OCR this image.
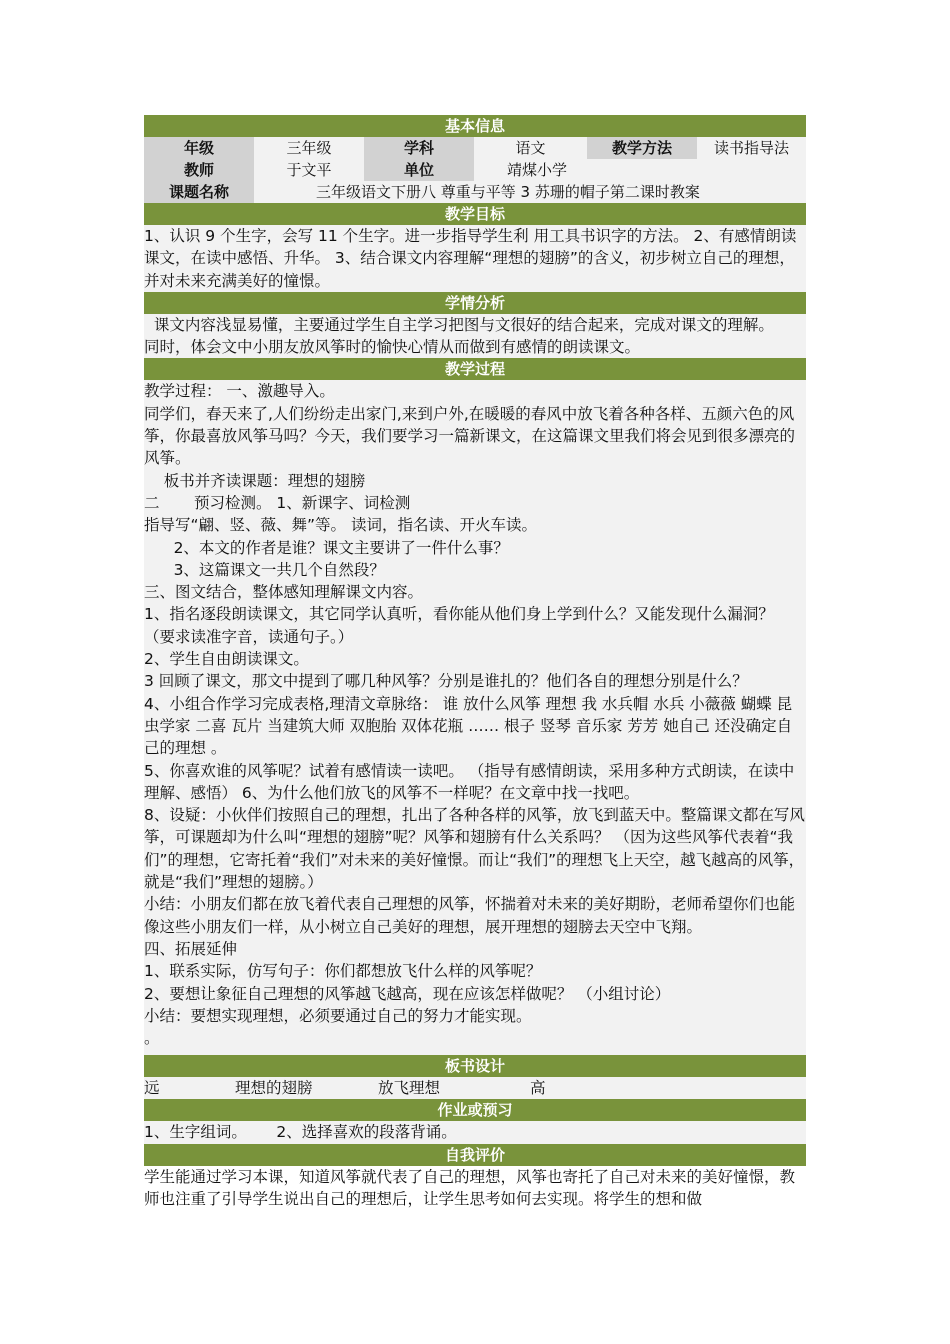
基本信息
年级	三年级	学科	语文	教学方法	读书指导法
教师	于文平	单位	靖煤小学
课题名称	三年级语文下册八 尊重与平等 3 苏珊的帽子第二课时教案
教学目标

1、认识 9 个生字，会写 11 个生字。进一步指导学生利 用工具书识字的方法。 2、有感情朗读课文，在读中感悟、升华。 3、结合课文内容理解“理想的翅膀”的含义，初步树立自己的理想，并对未来充满美好的憧憬。

学情分析

课文内容浅显易懂，主要通过学生自主学习把图与文很好的结合起来，完成对课文的理解。

同时，体会文中小朋友放风筝时的愉快心情从而做到有感情的朗读课文。

教学过程

教学过程： 一、激趣导入。

同学们，春天来了,人们纷纷走出家门,来到户外,在暖暖的春风中放飞着各种各样、五颜六色的风筝，你最喜放风筝马吗？今天，我们要学习一篇新课文，在这篇课文里我们将会见到很多漂亮的风筝。

板书并齐读课题：理想的翅膀

二       预习检测。 1、新课字、词检测

指导写“翩、竖、薇、舞”等。 读词，指名读、开火车读。

2、本文的作者是谁？课文主要讲了一件什么事？

3、这篇课文一共几个自然段？

三、图文结合，整体感知理解课文内容。

1、指名逐段朗读课文，其它同学认真听，看你能从他们身上学到什么？又能发现什么漏洞？ （要求读准字音，读通句子。）

2、学生自由朗读课文。

3 回顾了课文，那文中提到了哪几种风筝？分别是谁扎的？他们各自的理想分别是什么？

4、小组合作学习完成表格,理清文章脉络： 谁 放什么风筝 理想 我 水兵帽 水兵 小薇薇 蝴蝶 昆虫学家 二喜 瓦片 当建筑大师 双胞胎 双体花瓶 …… 根子 竖琴 音乐家 芳芳 她自己 还没确定自己的理想 。

5、你喜欢谁的风筝呢？试着有感情读一读吧。 （指导有感情朗读，采用多种方式朗读，在读中理解、感悟） 6、为什么他们放飞的风筝不一样呢？在文章中找一找吧。

8、设疑：小伙伴们按照自己的理想，扎出了各种各样的风筝，放飞到蓝天中。整篇课文都在写风筝，可课题却为什么叫“理想的翅膀”呢？风筝和翅膀有什么关系吗？ （因为这些风筝代表着“我们”的理想，它寄托着“我们”对未来的美好憧憬。而让“我们”的理想飞上天空，越飞越高的风筝，就是“我们”理想的翅膀。）

小结：小朋友们都在放飞着代表自己理想的风筝，怀揣着对未来的美好期盼，老师希望你们也能像这些小朋友们一样，从小树立自己美好的理想，展开理想的翅膀去天空中飞翔。

四、拓展延伸

1、联系实际，仿写句子：你们都想放飞什么样的风筝呢？

2、要想让象征自己理想的风筝越飞越高，现在应该怎样做呢？ （小组讨论）

小结：要想实现理想，必须要通过自己的努力才能实现。

。

板书设计
远	理想的翅膀	放飞理想	高
作业或预习

1、生字组词。      2、选择喜欢的段落背诵。

自我评价

学生能通过学习本课，知道风筝就代表了自己的理想，风筝也寄托了自己对未来的美好憧憬，教师也注重了引导学生说出自己的理想后，让学生思考如何去实现。将学生的想和做
